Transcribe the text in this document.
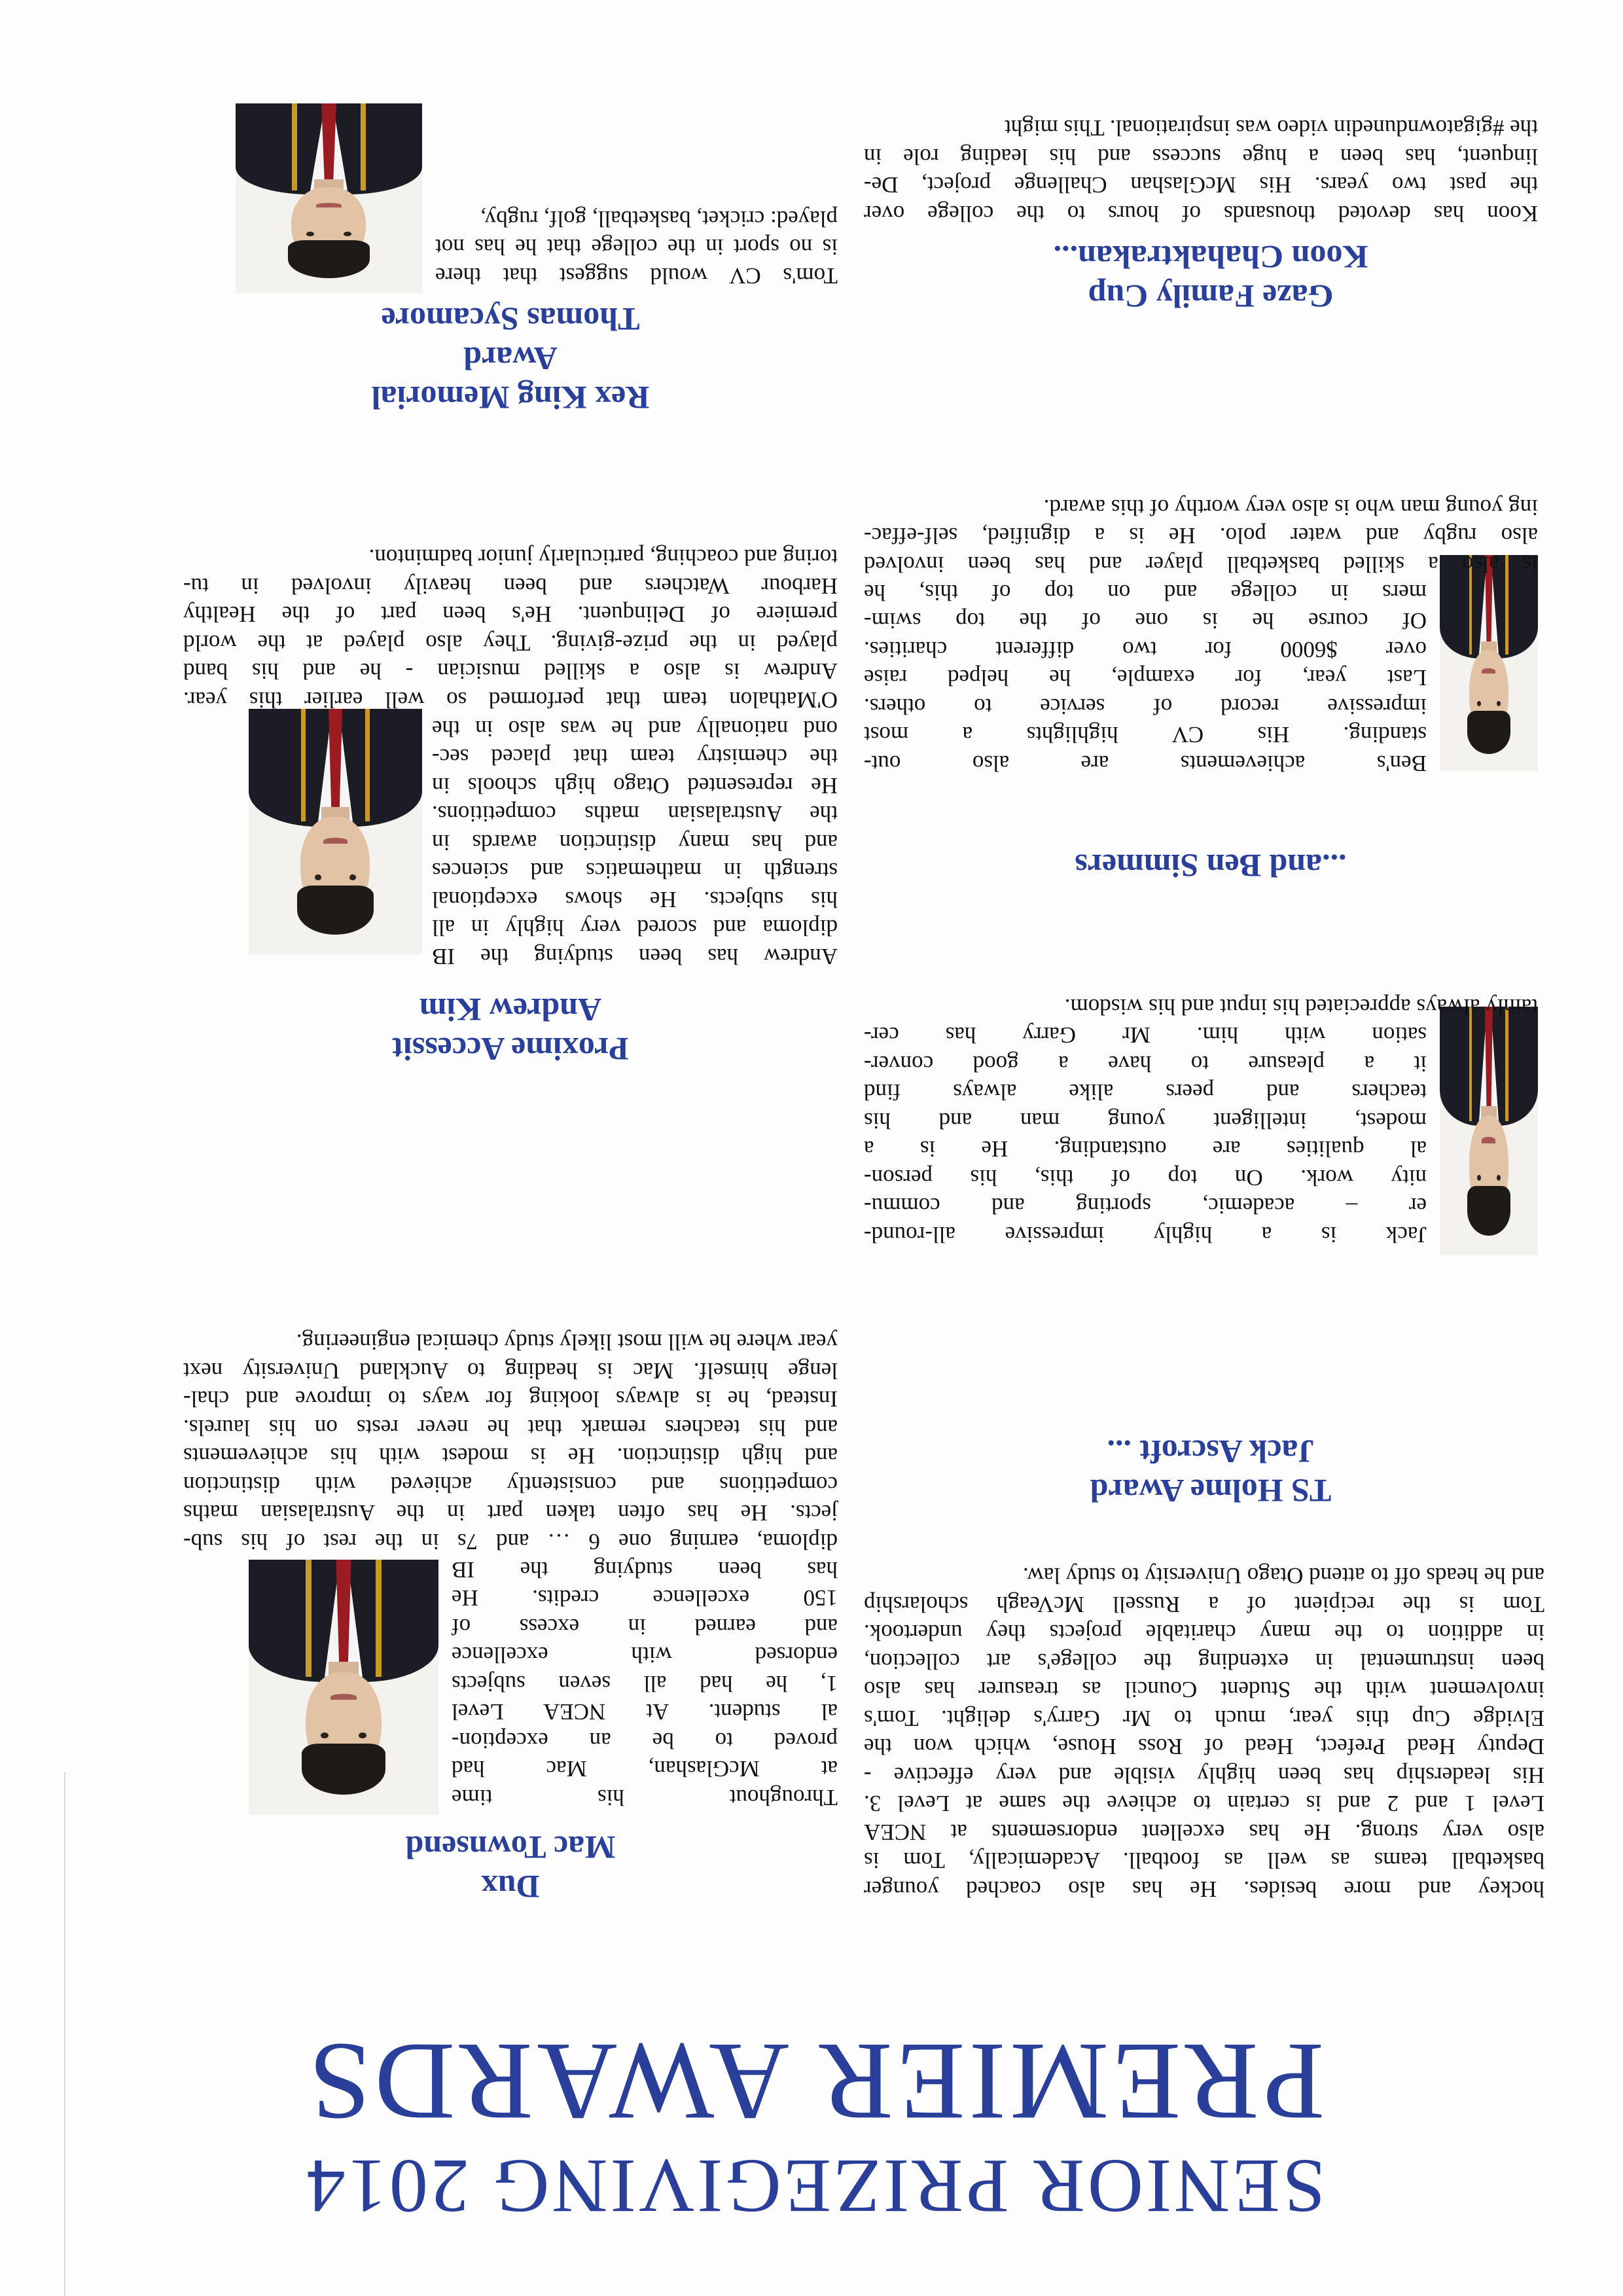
SENIOR PRIZEGIVING 2014
PREMIER AWARDS
Dux
Mac Townsend
Throughout his time
at McGlashan, Mac had
proved to be an exception-
al student. At NCEA Level
1, he had all seven subjects
endorsed with excellence
and earned in excess of
150 excellence credits. He
has been studying the IB
diploma, earning one 6 … and 7s in the rest of his sub-
jects. He has often taken part in the Australasian maths
competitions and consistently achieved with distinction
and high distinction. He is modest with his achievements
and his teachers remark that he never rests on his laurels.
Instead, he is always looking for ways to improve and chal-
lenge himself. Mac is heading to Auckland University next
year where he will most likely study chemical engineering.
Proxime Accessit
Andrew Kim
Andrew has been studying the IB
diploma and scored very highly in all
his subjects. He shows exceptional
strength in mathematics and sciences
and has many distinction awards in
the Australasian maths competitions.
He represented Otago high schools in
the chemistry team that placed sec-
ond nationally and he was also in the
O'Mathalon team that performed so well earlier this year.
Andrew is also a skilled musician - he and his band
played in the prize-giving. They also played at the world
premiere of Delinquent. He's been part of the Healthy
Harbour Watchers and been heavily involved in tu-
toring and coaching, particularly junior badminton.
Rex King Memorial
Award
Thomas Sycamore
Tom's CV would suggest that there
is no sport in the college that he has not
played: cricket, basketball, golf, rugby,
hockey and more besides. He has also coached younger
basketball teams as well as football. Academically, Tom is
also very strong. He has excellent endorsements at NCEA
Level 1 and 2 and is certain to achieve the same at Level 3.
His leadership has been highly visible and very effective -
Deputy Head Prefect, Head of Ross House, which won the
Elvidge Cup this year, much to Mr Garry's delight. Tom's
involvement with the Student Council as treasurer has also
been instrumental in extending the college's art collection,
in addition to the many charitable projects they undertook.
Tom is the recipient of a Russell McVeagh scholarship
and he heads off to attend Otago University to study law.
TS Holme Award
Jack Ascroft ...
Jack is a highly impressive all-round-
er – academic, sporting and commu-
nity work. On top of this, his person-
al qualities are outstanding. He is a
modest, intelligent young man and his
teachers and peers alike always find
it a pleasure to have a good conver-
sation with him. Mr Garry has cer-
tainly always appreciated his input and his wisdom.
...and Ben Simmers
Ben's achievements are also out-
standing. His CV highlights a most
impressive record of service to others.
Last year, for example, he helped raise
over $6000 for two different charities.
Of course he is one of the top swim-
mers in college and on top of this, he
is also a skilled basketball player and has been involved
also rugby and water polo. He is a dignified, self-effac-
ing young man who is also very worthy of this award.
Gaze Family Cup
Koon Chahaktrakan...
Koon has devoted thousands of hours to the college over
the past two years. His McGlashan Challenge project, De-
linquent, has been a huge success and his leading role in
the #gigatowndunedin video was inspirational. This might
